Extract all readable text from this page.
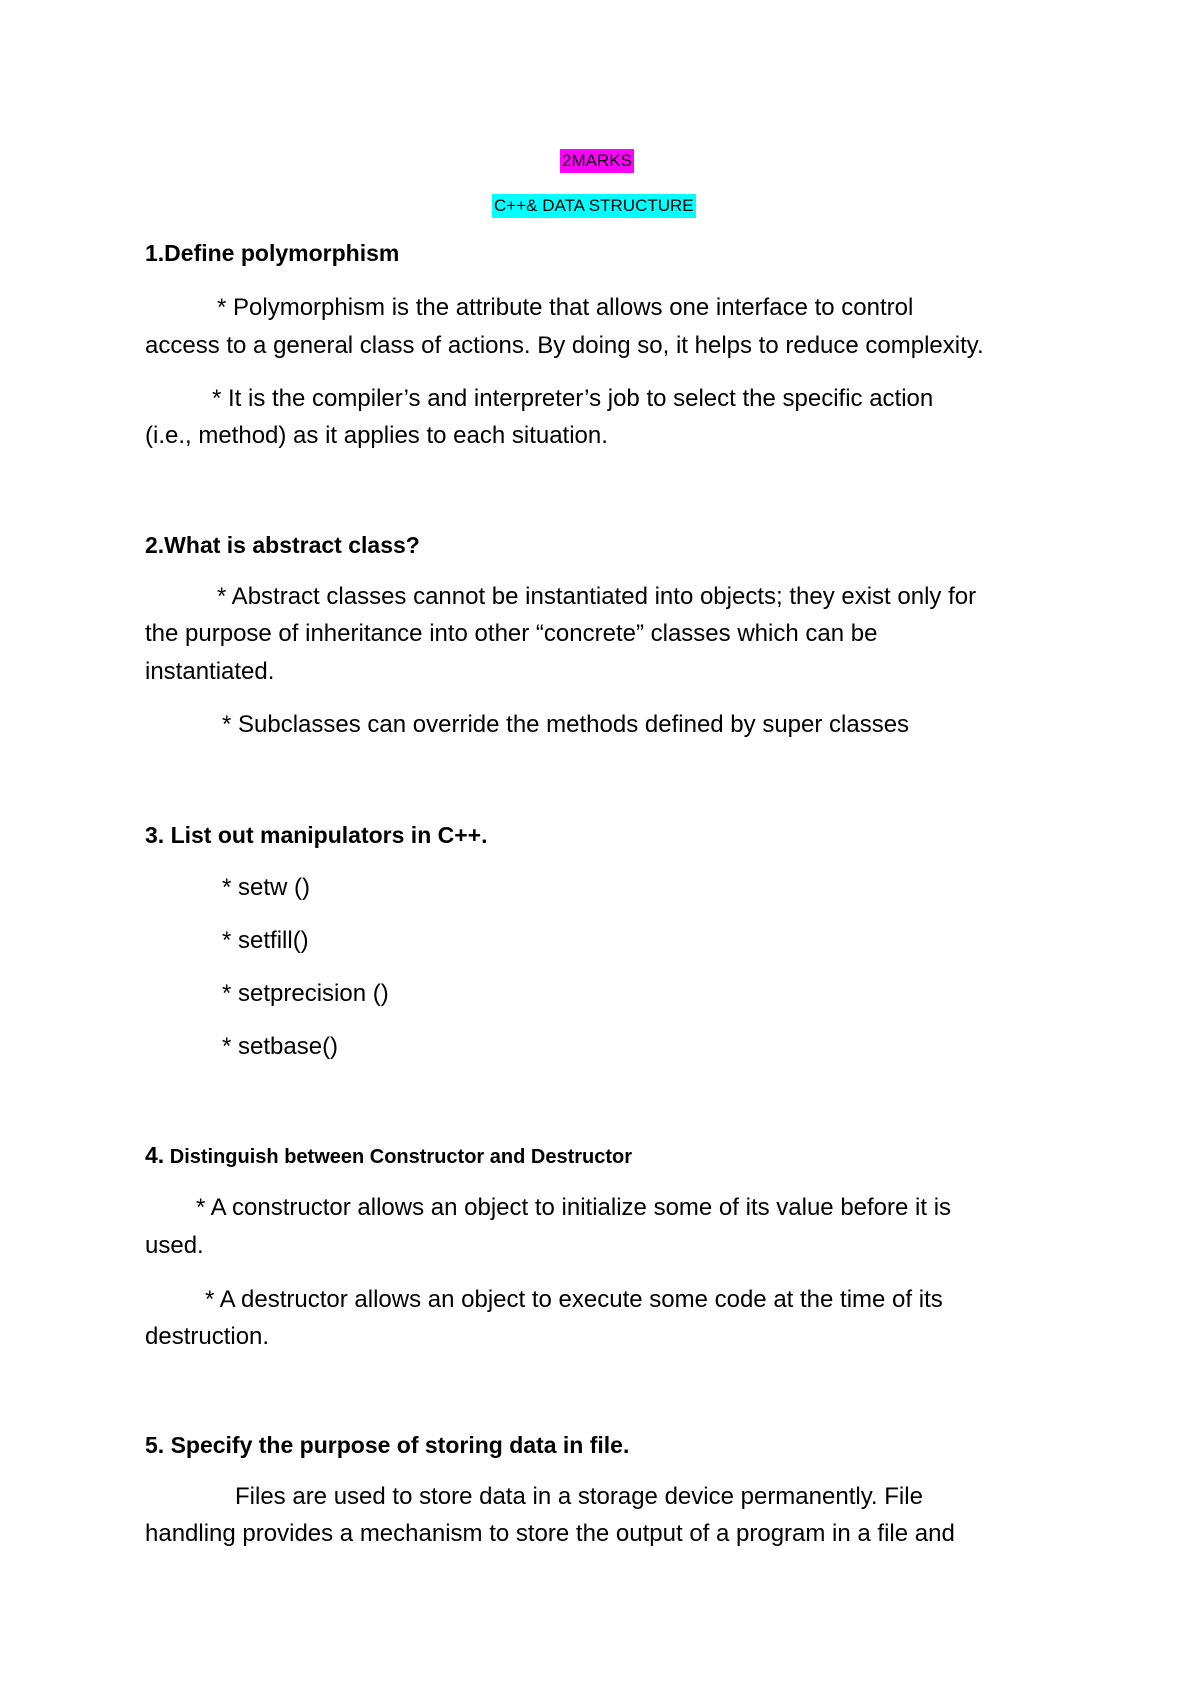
2MARKS
C++& DATA STRUCTURE
1.Define polymorphism
* Polymorphism is the attribute that allows one interface to control
access to a general class of actions. By doing so, it helps to reduce complexity.
* It is the compiler’s and interpreter’s job to select the specific action
(i.e., method) as it applies to each situation.
2.What is abstract class?
* Abstract classes cannot be instantiated into objects; they exist only for
the purpose of inheritance into other “concrete” classes which can be
instantiated.
* Subclasses can override the methods defined by super classes
3. List out manipulators in C++.
* setw ()
* setfill()
* setprecision ()
* setbase()
4. Distinguish between Constructor and Destructor
* A constructor allows an object to initialize some of its value before it is
used.
* A destructor allows an object to execute some code at the time of its
destruction.
5. Specify the purpose of storing data in file.
Files are used to store data in a storage device permanently. File
handling provides a mechanism to store the output of a program in a file and
